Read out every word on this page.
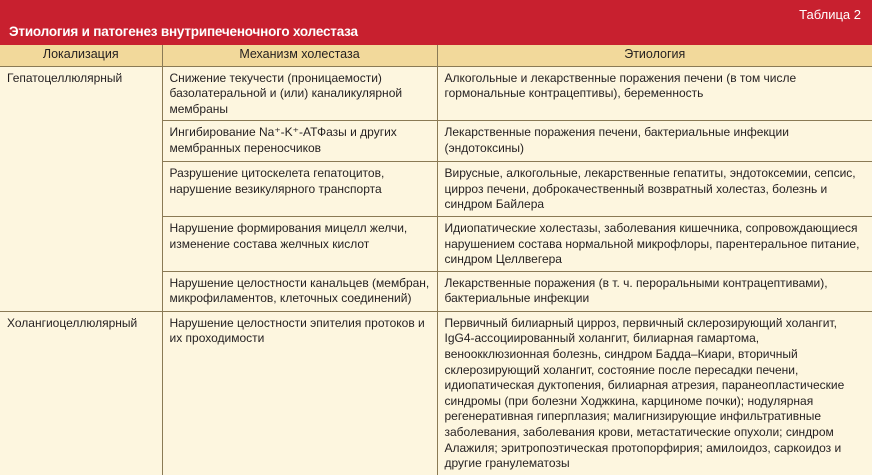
Этиология и патогенез внутрипеченочного холестаза
Таблица 2
Локализация	Механизм холестаза	Этиология
Гепатоцеллюлярный	Снижение текучести (проницаемости) базолатеральной и (или) каналикулярной мембраны	Алкогольные и лекарственные поражения печени (в том числе гормональные контрацептивы), беременность
	Ингибирование Na⁺-K⁺-АТФазы и других мембранных переносчиков	Лекарственные поражения печени, бактериальные инфекции (эндотоксины)
	Разрушение цитоскелета гепатоцитов, нарушение везикулярного транспорта	Вирусные, алкогольные, лекарственные гепатиты, эндотоксемии, сепсис, цирроз печени, доброкачественный возвратный холестаз, болезнь и синдром Байлера
	Нарушение формирования мицелл желчи, изменение состава желчных кислот	Идиопатические холестазы, заболевания кишечника, сопровождающиеся нарушением состава нормальной микрофлоры, парентеральное питание, синдром Целлвегера
	Нарушение целостности канальцев (мембран, микрофиламентов, клеточных соединений)	Лекарственные поражения (в т. ч. пероральными контрацептивами), бактериальные инфекции
Холангиоцеллюлярный	Нарушение целостности эпителия протоков и их проходимости	Первичный билиарный цирроз, первичный склерозирующий холангит, IgG4-ассоциированный холангит, билиарная гамартома, веноокклюзионная болезнь, синдром Бадда–Киари, вторичный склерозирующий холангит, состояние после пересадки печени, идиопатическая дуктопения, билиарная атрезия, паранеопластические синдромы (при болезни Ходжкина, карциноме почки); нодулярная регенеративная гиперплазия; малигнизирующие инфильтративные заболевания, заболевания крови, метастатические опухоли; синдром Алажиля; эритропоэтическая протопорфирия; амилоидоз, саркоидоз и другие гранулематозы
